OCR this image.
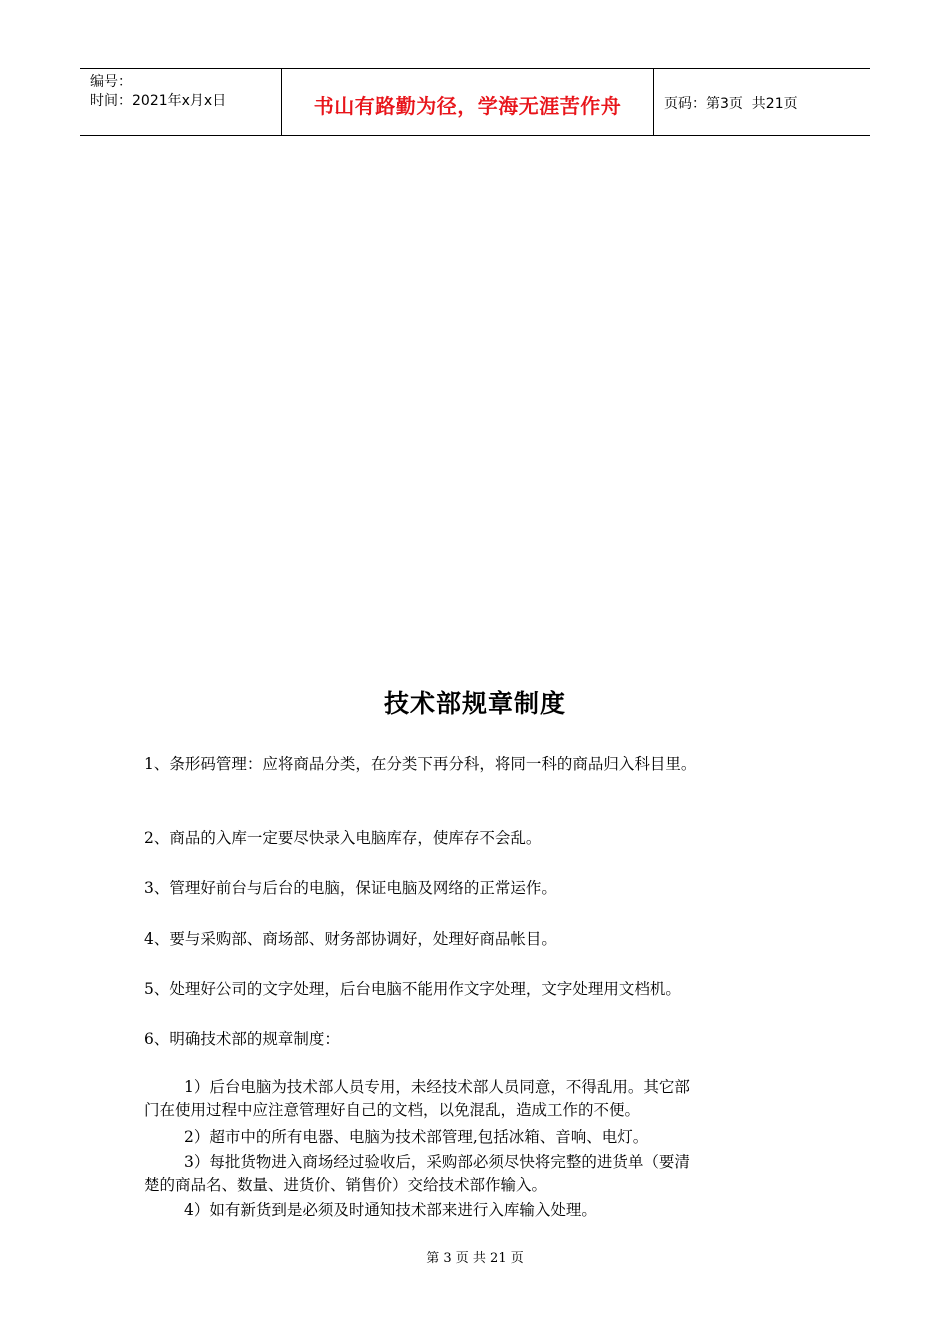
编号：
时间：2021年x月x日	书山有路勤为径，学海无涯苦作舟	页码：第3页  共21页
技术部规章制度
1、条形码管理：应将商品分类，在分类下再分科，将同一科的商品归入科目里。
2、商品的入库一定要尽快录入电脑库存，使库存不会乱。
3、管理好前台与后台的电脑，保证电脑及网络的正常运作。
4、要与采购部、商场部、财务部协调好，处理好商品帐目。
5、处理好公司的文字处理，后台电脑不能用作文字处理，文字处理用文档机。
6、明确技术部的规章制度：
1）后台电脑为技术部人员专用，未经技术部人员同意，不得乱用。其它部
门在使用过程中应注意管理好自己的文档，以免混乱，造成工作的不便。
2）超市中的所有电器、电脑为技术部管理,包括冰箱、音响、电灯。
3）每批货物进入商场经过验收后，采购部必须尽快将完整的进货单（要清
楚的商品名、数量、进货价、销售价）交给技术部作输入。
4）如有新货到是必须及时通知技术部来进行入库输入处理。
第 3 页 共 21 页
